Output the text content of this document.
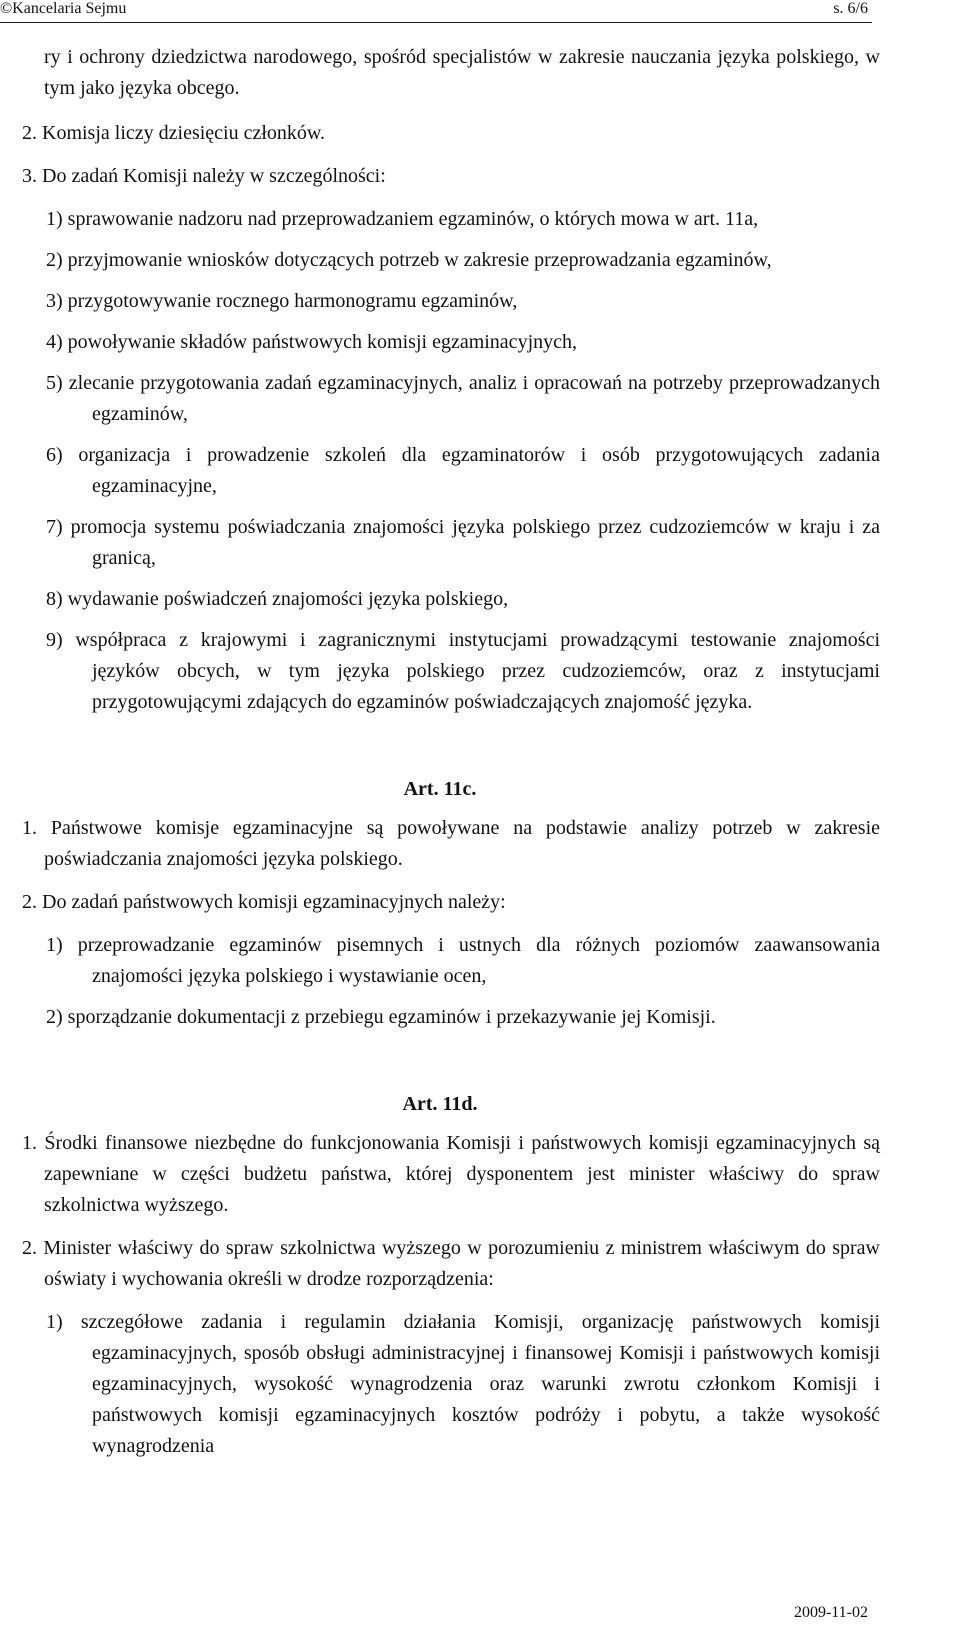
©Kancelaria Sejmu	s. 6/6

ry i ochrony dziedzictwa narodowego, spośród specjalistów w zakresie nauczania języka polskiego, w tym jako języka obcego.

2. Komisja liczy dziesięciu członków.

3. Do zadań Komisji należy w szczególności:

1) sprawowanie nadzoru nad przeprowadzaniem egzaminów, o których mowa w art. 11a,

2) przyjmowanie wniosków dotyczących potrzeb w zakresie przeprowadzania egzaminów,

3) przygotowywanie rocznego harmonogramu egzaminów,

4) powoływanie składów państwowych komisji egzaminacyjnych,

5) zlecanie przygotowania zadań egzaminacyjnych, analiz i opracowań na potrzeby przeprowadzanych egzaminów,

6) organizacja i prowadzenie szkoleń dla egzaminatorów i osób przygotowujących zadania egzaminacyjne,

7) promocja systemu poświadczania znajomości języka polskiego przez cudzoziemców w kraju i za granicą,

8) wydawanie poświadczeń znajomości języka polskiego,

9) współpraca z krajowymi i zagranicznymi instytucjami prowadzącymi testowanie znajomości języków obcych, w tym języka polskiego przez cudzoziemców, oraz z instytucjami przygotowującymi zdających do egzaminów poświadczających znajomość języka.

Art. 11c.

1. Państwowe komisje egzaminacyjne są powoływane na podstawie analizy potrzeb w zakresie poświadczania znajomości języka polskiego.

2. Do zadań państwowych komisji egzaminacyjnych należy:

1) przeprowadzanie egzaminów pisemnych i ustnych dla różnych poziomów zaawansowania znajomości języka polskiego i wystawianie ocen,

2) sporządzanie dokumentacji z przebiegu egzaminów i przekazywanie jej Komisji.

Art. 11d.

1. Środki finansowe niezbędne do funkcjonowania Komisji i państwowych komisji egzaminacyjnych są zapewniane w części budżetu państwa, której dysponentem jest minister właściwy do spraw szkolnictwa wyższego.

2. Minister właściwy do spraw szkolnictwa wyższego w porozumieniu z ministrem właściwym do spraw oświaty i wychowania określi w drodze rozporządzenia:

1) szczegółowe zadania i regulamin działania Komisji, organizację państwowych komisji egzaminacyjnych, sposób obsługi administracyjnej i finansowej Komisji i państwowych komisji egzaminacyjnych, wysokość wynagrodzenia oraz warunki zwrotu członkom Komisji i państwowych komisji egzaminacyjnych kosztów podróży i pobytu, a także wysokość wynagrodzenia

2009-11-02
